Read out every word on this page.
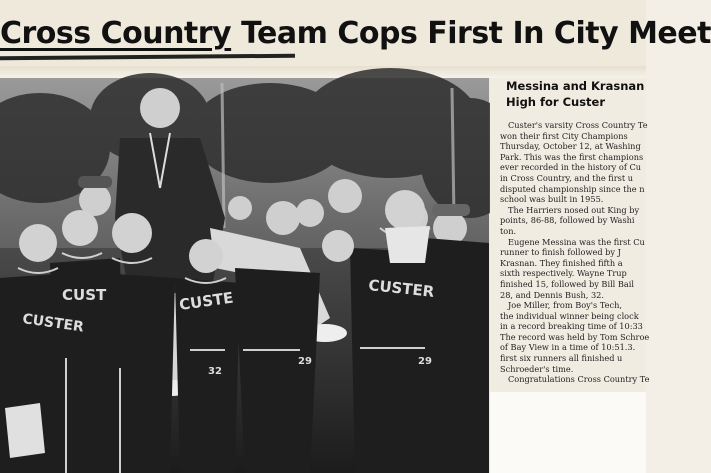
Cross Country Team Cops First In City Meet
CUSTER
CUST	CUSTE
CUSTER
32
29	29
Messina and Krasnan
High for Custer
Custer's varsity Cross Country Te
won their first City Champions
Thursday, October 12, at Washing
Park. This was the first champions
ever recorded in the history of Cu
in Cross Country, and the first u
disputed championship since the n
school was built in 1955.
The Harriers nosed out King by
points, 86-88, followed by Washi
ton.
Eugene Messina was the first Cu
runner to finish followed by J
Krasnan. They finished fifth a
sixth respectively. Wayne Trup
finished 15, followed by Bill Bail
28, and Dennis Bush, 32.
Joe Miller, from Boy's Tech,
the individual winner being clock
in a record breaking time of 10:33
The record was held by Tom Schroe
of Bay View in a time of 10:51.3.
first six runners all finished u
Schroeder's time.
Congratulations Cross Country Te
